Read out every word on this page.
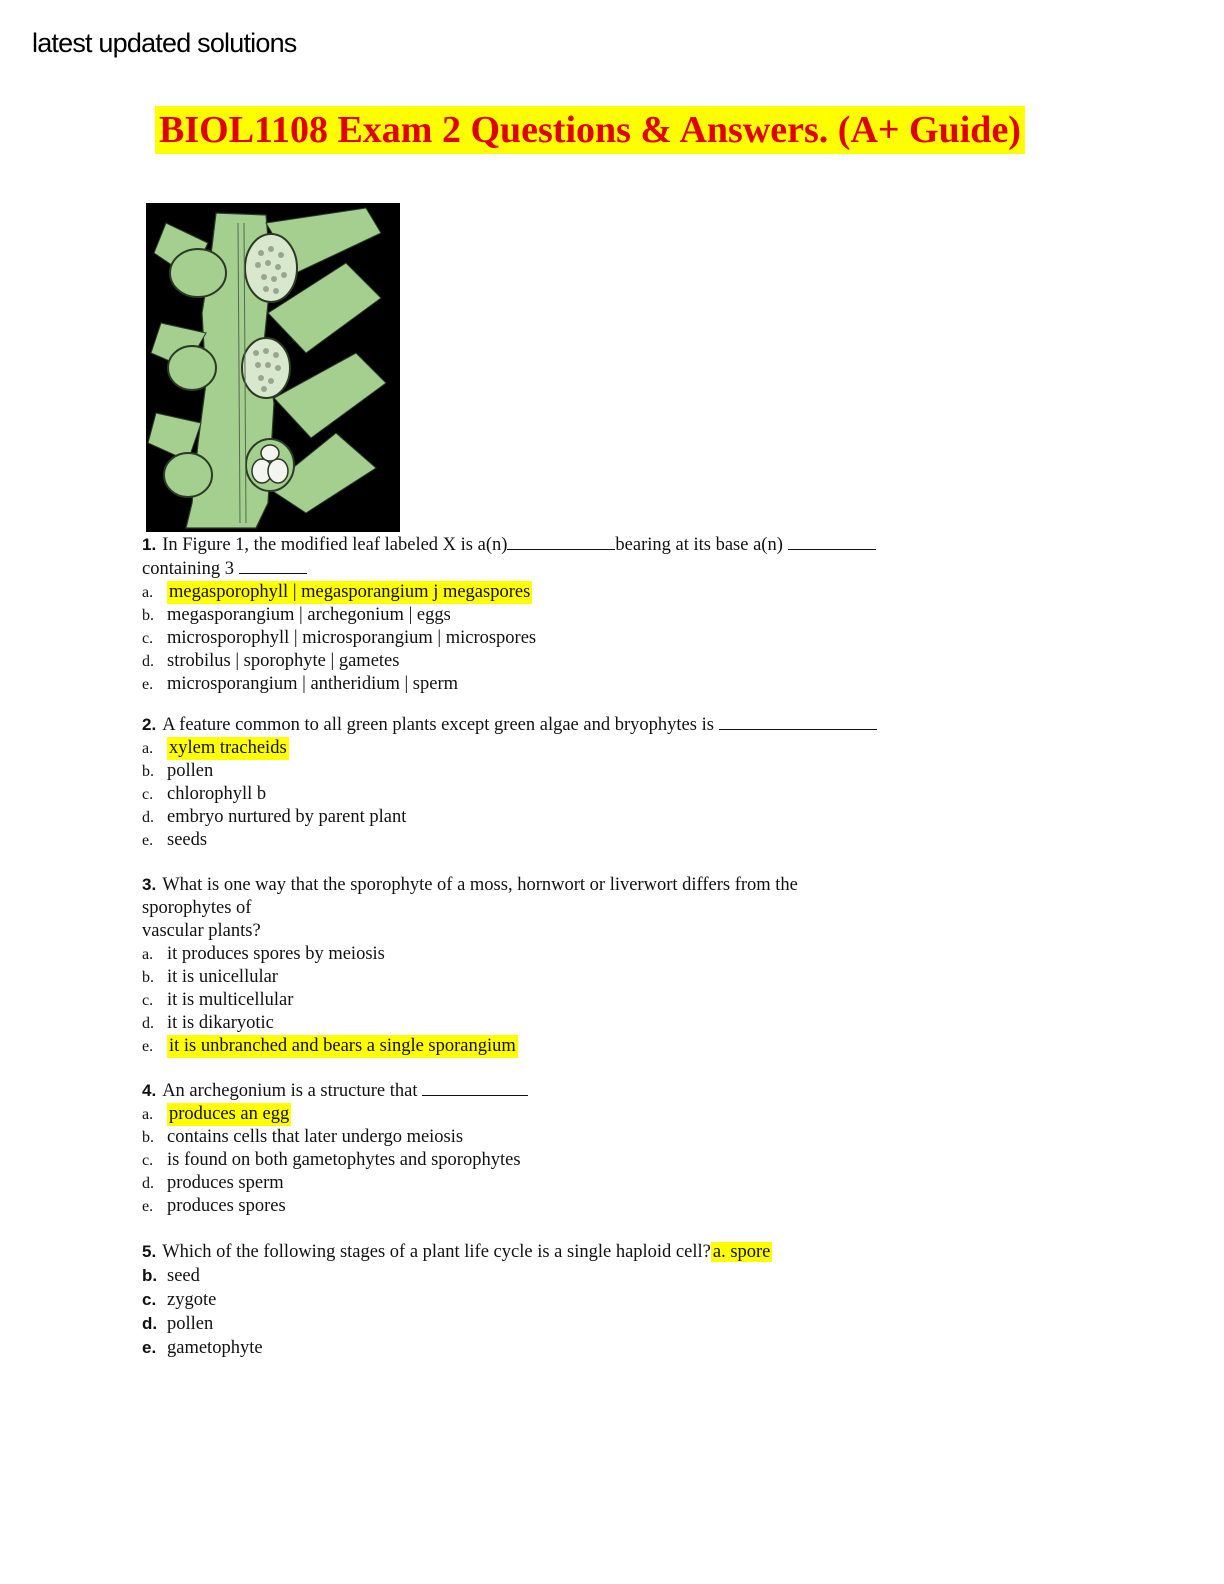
latest updated solutions
BIOL1108 Exam 2 Questions & Answers. (A+ Guide)
1. In Figure 1, the modified leaf labeled X is a(n)	bearing at its base a(n)
containing 3
a. megasporophyll | megasporangium j megaspores
b. megasporangium | archegonium | eggs
c. microsporophyll | microsporangium | microspores
d. strobilus | sporophyte | gametes
e. microsporangium | antheridium | sperm
2. A feature common to all green plants except green algae and bryophytes is
a. xylem tracheids
b. pollen
c. chlorophyll b
d. embryo nurtured by parent plant
e. seeds
3. What is one way that the sporophyte of a moss, hornwort or liverwort differs from the
sporophytes of
vascular plants?
a. it produces spores by meiosis
b. it is unicellular
c. it is multicellular
d. it is dikaryotic
e. it is unbranched and bears a single sporangium
4. An archegonium is a structure that
a. produces an egg
b. contains cells that later undergo meiosis
c. is found on both gametophytes and sporophytes
d. produces sperm
e. produces spores
5. Which of the following stages of a plant life cycle is a single haploid cell? a. spore
b. seed
c. zygote
d. pollen
e. gametophyte
